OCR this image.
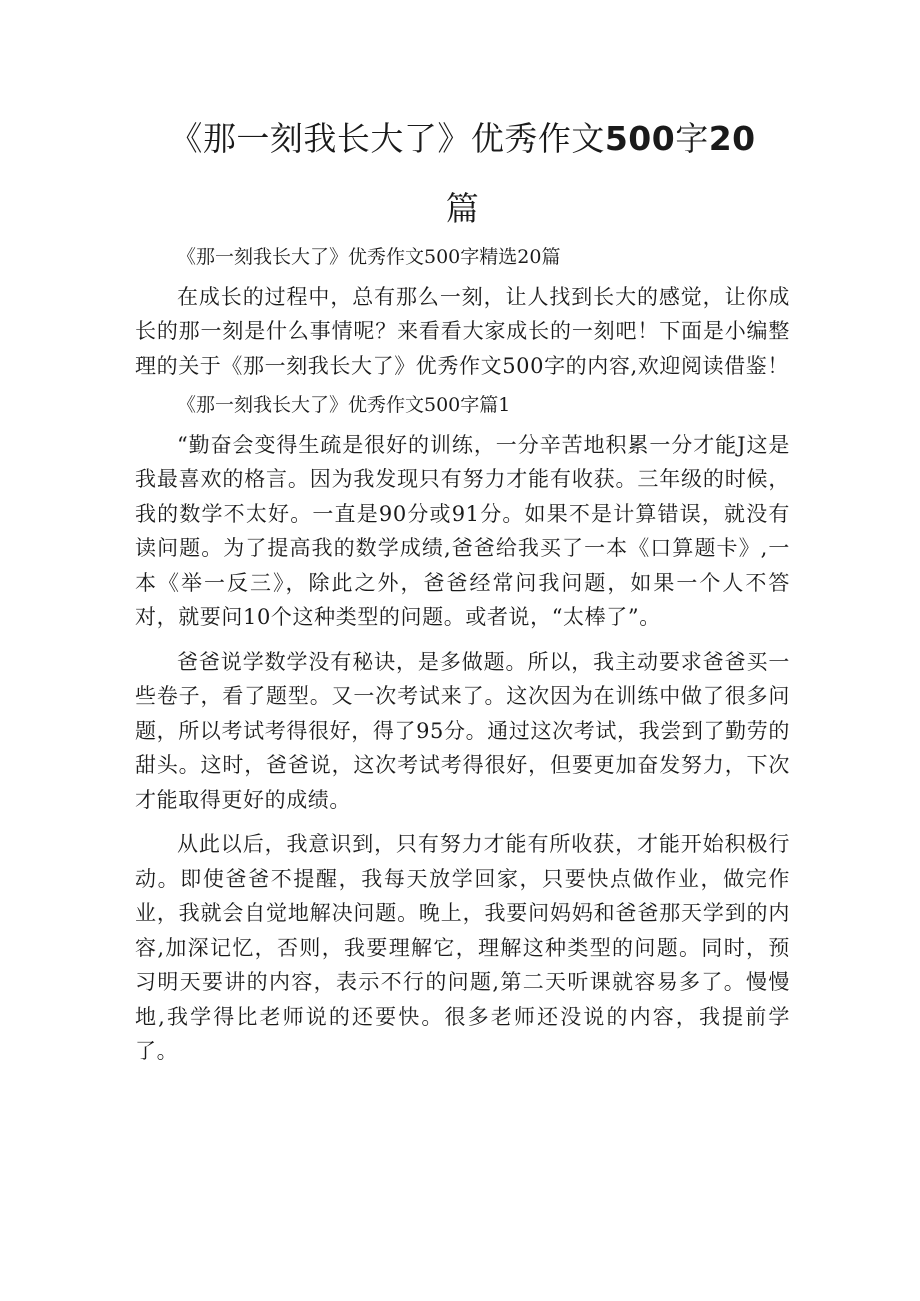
《那一刻我长大了》优秀作文500字20
篇

《那一刻我长大了》优秀作文500字精选20篇

在成长的过程中，总有那么一刻，让人找到长大的感觉，让你成长的那一刻是什么事情呢？来看看大家成长的一刻吧！下面是小编整理的关于《那一刻我长大了》优秀作文500字的内容,欢迎阅读借鉴！

《那一刻我长大了》优秀作文500字篇1

“勤奋会变得生疏是很好的训练，一分辛苦地积累一分才能J这是我最喜欢的格言。因为我发现只有努力才能有收获。三年级的时候，我的数学不太好。一直是90分或91分。如果不是计算错误，就没有读问题。为了提高我的数学成绩,爸爸给我买了一本《口算题卡》,一本《举一反三》，除此之外，爸爸经常问我问题，如果一个人不答对，就要问10个这种类型的问题。或者说，“太棒了”。

爸爸说学数学没有秘诀，是多做题。所以，我主动要求爸爸买一些卷子，看了题型。又一次考试来了。这次因为在训练中做了很多问题，所以考试考得很好，得了95分。通过这次考试，我尝到了勤劳的甜头。这时，爸爸说，这次考试考得很好，但要更加奋发努力，下次才能取得更好的成绩。

从此以后，我意识到，只有努力才能有所收获，才能开始积极行动。即使爸爸不提醒，我每天放学回家，只要快点做作业，做完作业，我就会自觉地解决问题。晚上，我要问妈妈和爸爸那天学到的内容,加深记忆，否则，我要理解它，理解这种类型的问题。同时，预习明天要讲的内容，表示不行的问题,第二天听课就容易多了。慢慢地,我学得比老师说的还要快。很多老师还没说的内容，我提前学了。
